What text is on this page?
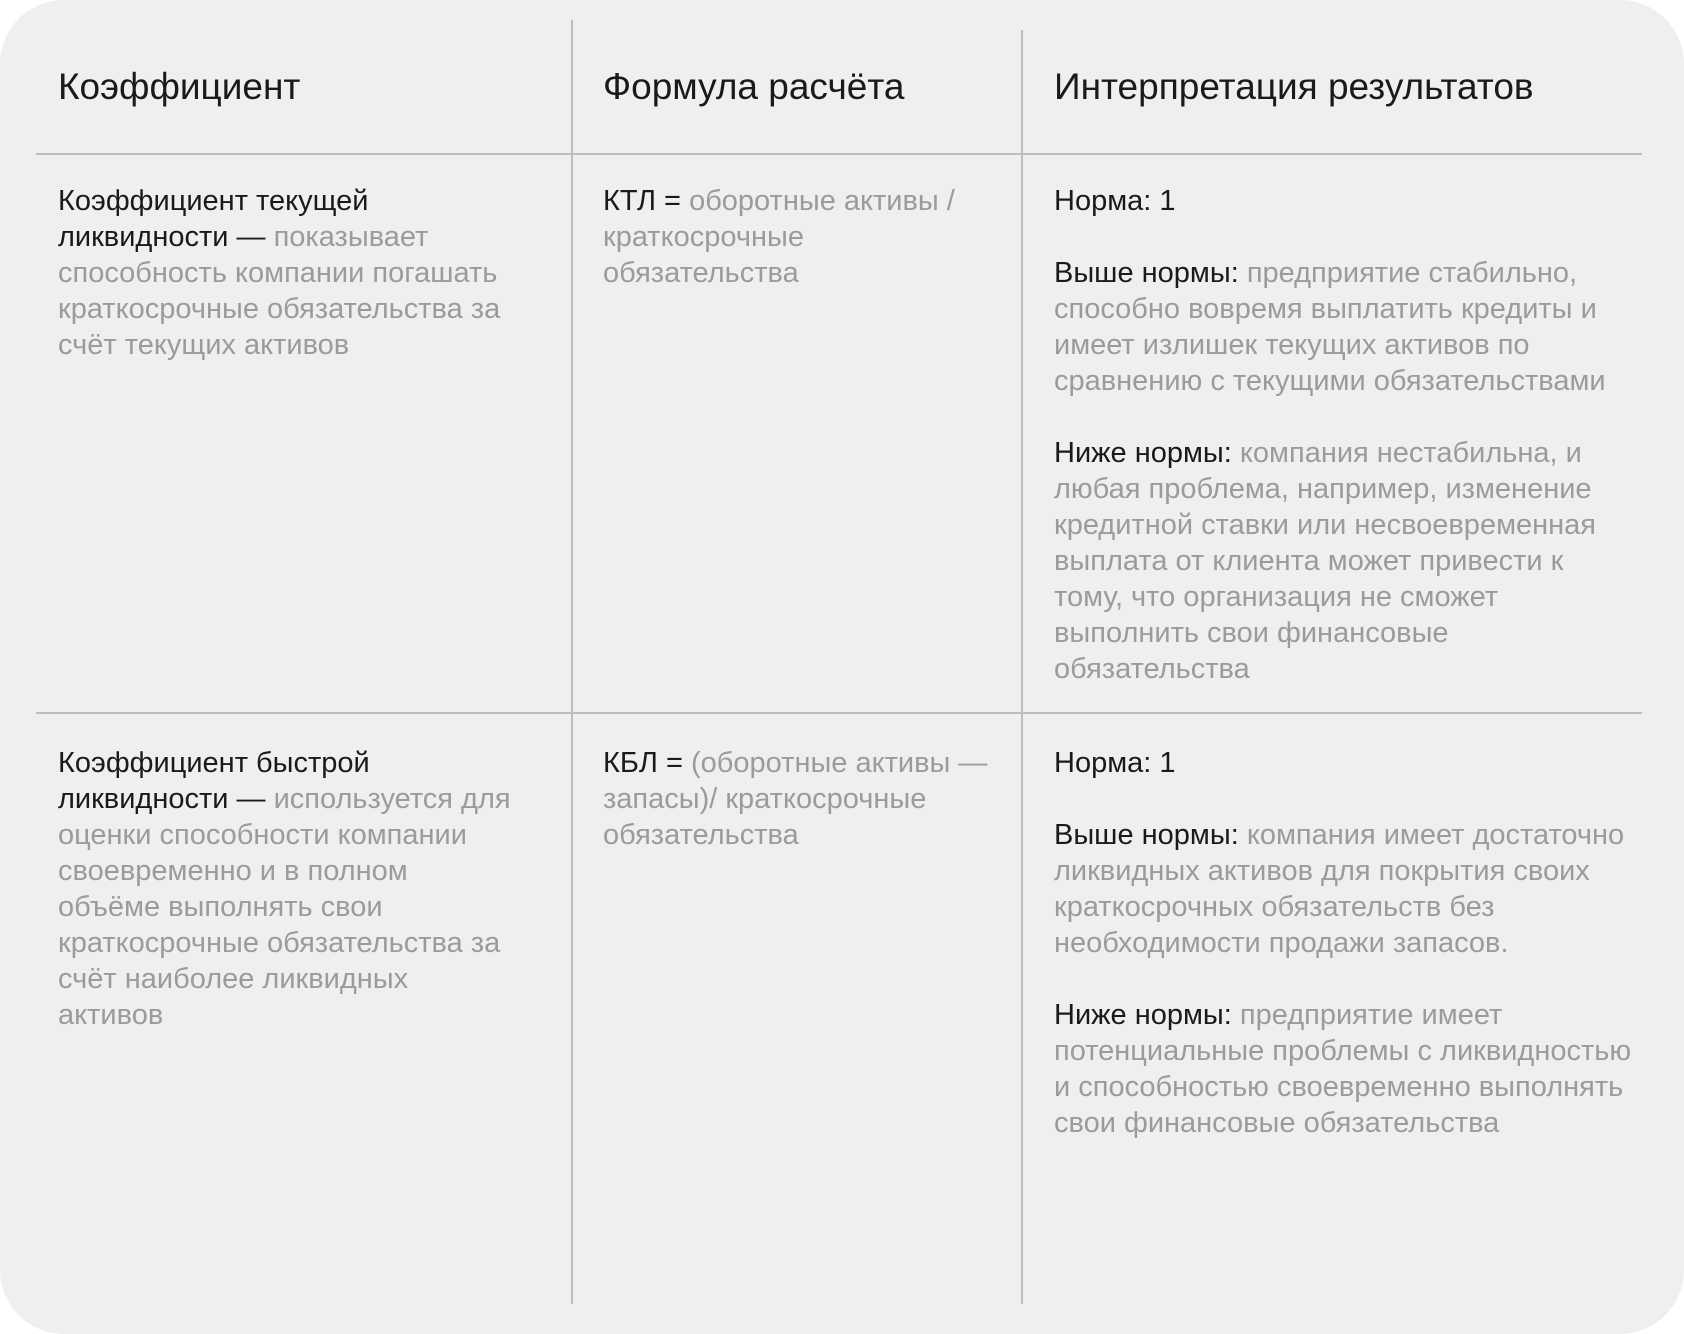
Коэффициент	Формула расчёта	Интерпретация результатов
Коэффициент текущей ликвидности — показывает способность компании погашать краткосрочные обязательства за счёт текущих активов
КТЛ = оборотные активы / краткосрочные обязательства
Норма: 1
Выше нормы: предприятие стабильно, способно вовремя выплатить кредиты и имеет излишек текущих активов по сравнению с текущими обязательствами
Ниже нормы: компания нестабильна, и любая проблема, например, изменение кредитной ставки или несвоевременная выплата от клиента может привести к тому, что организация не сможет выполнить свои финансовые обязательства
Коэффициент быстрой ликвидности — используется для оценки способности компании своевременно и в полном объёме выполнять свои краткосрочные обязательства за счёт наиболее ликвидных активов
КБЛ = (оборотные активы — запасы)/ краткосрочные обязательства
Норма: 1
Выше нормы: компания имеет достаточно ликвидных активов для покрытия своих краткосрочных обязательств без необходимости продажи запасов.
Ниже нормы: предприятие имеет потенциальные проблемы с ликвидностью и способностью своевременно выполнять свои финансовые обязательства
